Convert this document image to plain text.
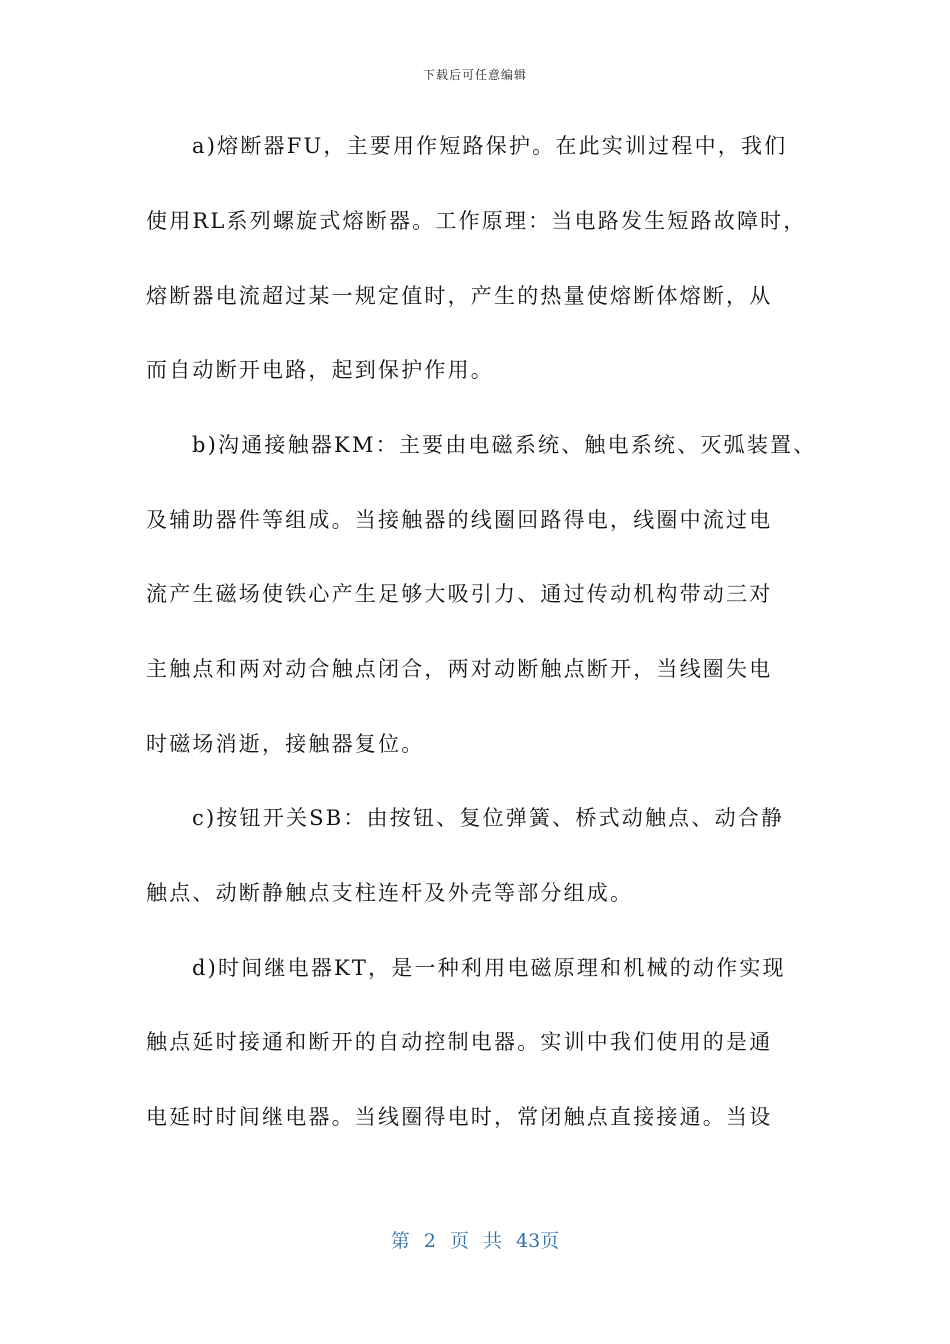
下载后可任意编辑
a)熔断器FU，主要用作短路保护。在此实训过程中，我们
使用RL系列螺旋式熔断器。工作原理：当电路发生短路故障时，
熔断器电流超过某一规定值时，产生的热量使熔断体熔断，从
而自动断开电路，起到保护作用。
b)沟通接触器KM：主要由电磁系统、触电系统、灭弧装置、
及辅助器件等组成。当接触器的线圈回路得电，线圈中流过电
流产生磁场使铁心产生足够大吸引力、通过传动机构带动三对
主触点和两对动合触点闭合，两对动断触点断开，当线圈失电
时磁场消逝，接触器复位。
c)按钮开关SB：由按钮、复位弹簧、桥式动触点、动合静
触点、动断静触点支柱连杆及外壳等部分组成。
d)时间继电器KT，是一种利用电磁原理和机械的动作实现
触点延时接通和断开的自动控制电器。实训中我们使用的是通
电延时时间继电器。当线圈得电时，常闭触点直接接通。当设
第 2 页 共 43页
